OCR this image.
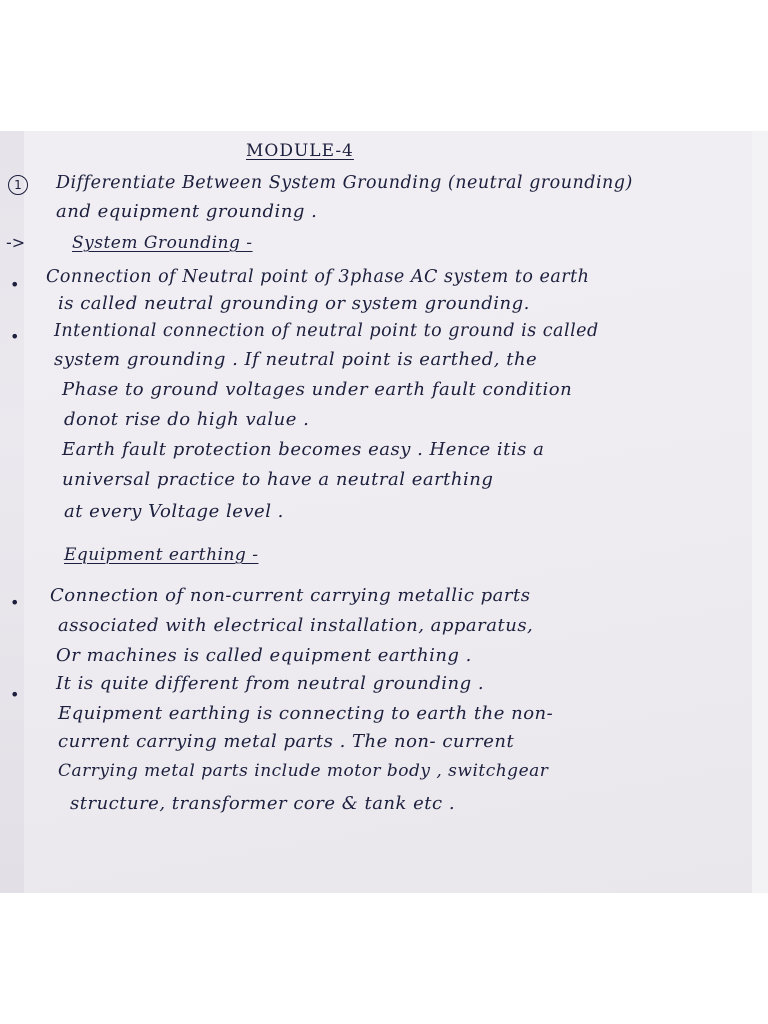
MODULE-4

1	Differentiate Between System Grounding (neutral grounding)

and equipment grounding .

->	System Grounding -

• Connection of Neutral point of 3phase AC system to earth

is called neutral grounding or system grounding.

• Intentional connection of neutral point to ground is called

system grounding . If neutral point is earthed, the

Phase to ground voltages under earth fault condition

donot rise do high value .

Earth fault protection becomes easy . Hence itis a

universal practice to have a neutral earthing

at every Voltage level .

Equipment earthing -

• Connection of non-current carrying metallic parts

associated with electrical installation, apparatus,

Or machines is called equipment earthing .

•

It is quite different from neutral grounding .

Equipment earthing is connecting to earth the non-

current carrying metal parts . The non- current

Carrying metal parts include motor body , switchgear

structure, transformer core & tank etc .
